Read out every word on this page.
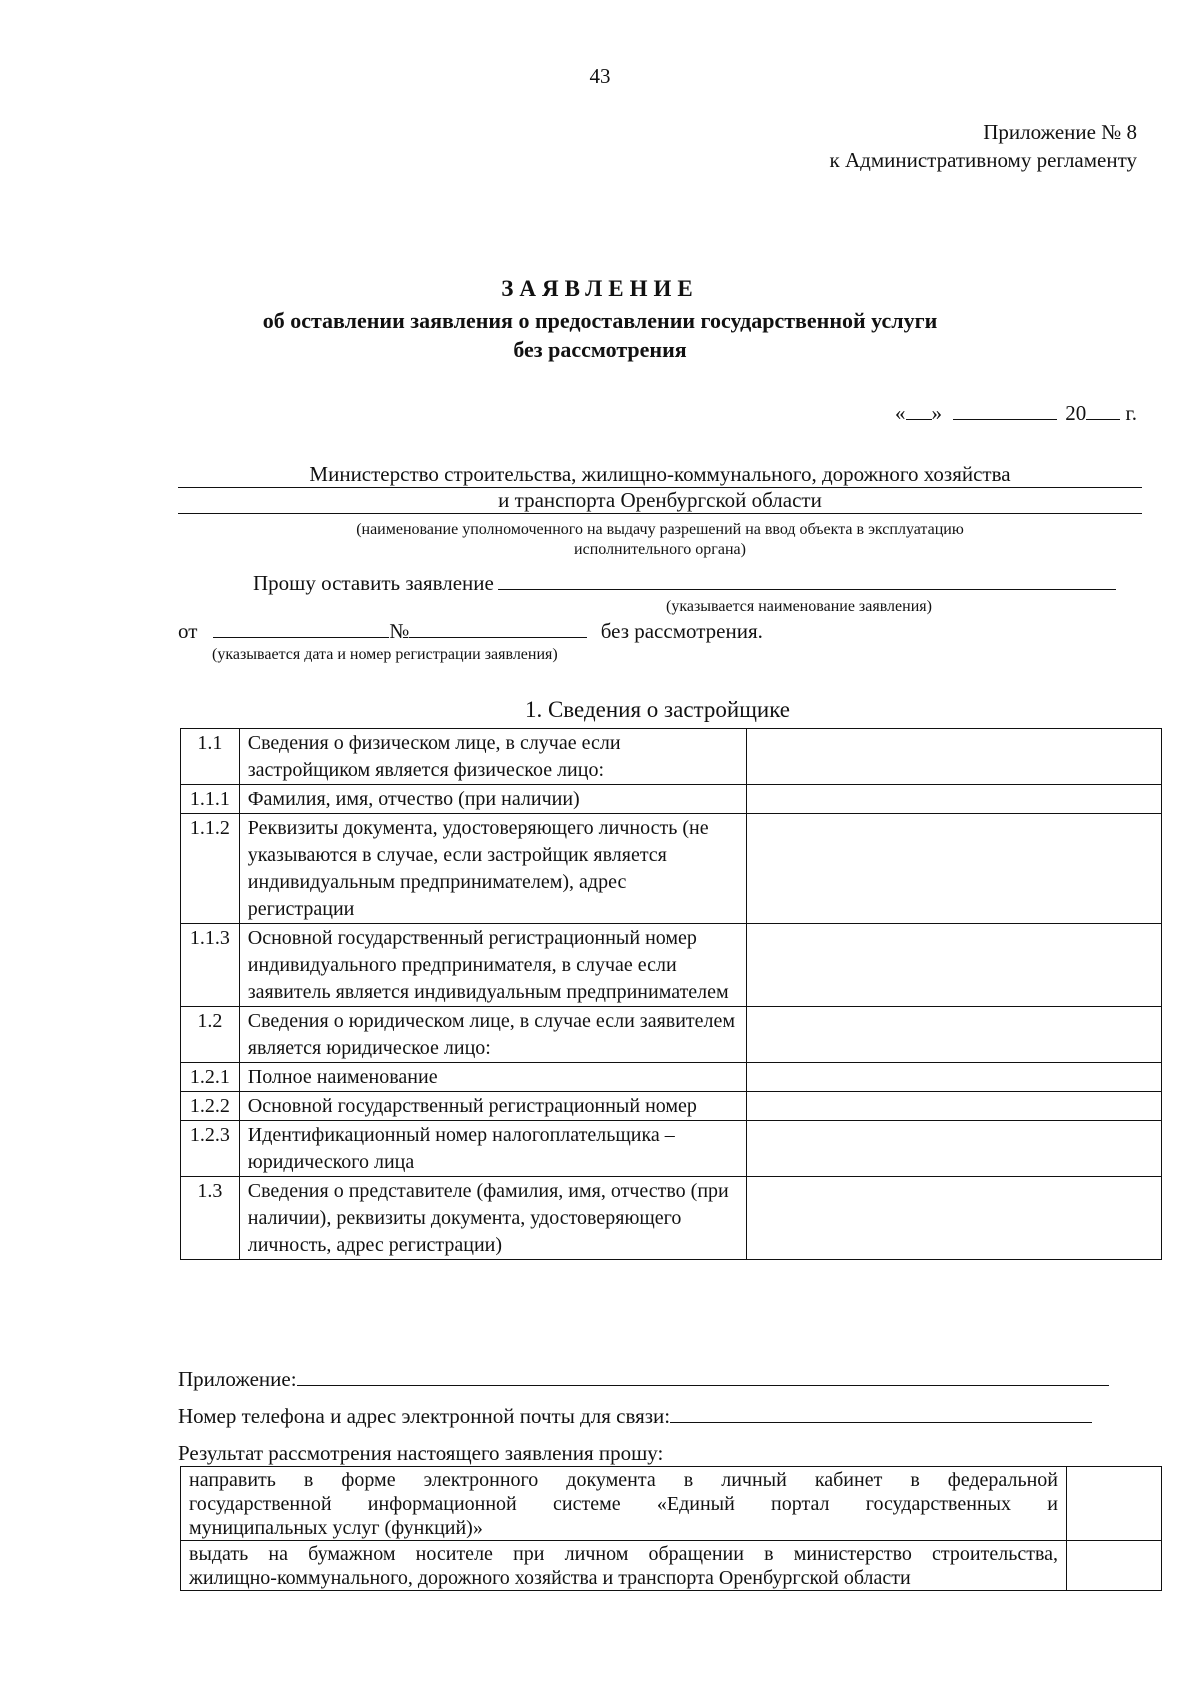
43
Приложение № 8
к Административному регламенту
ЗАЯВЛЕНИЕ
об оставлении заявления о предоставлении государственной услуги
без рассмотрения
« »	20 г.
Министерство строительства, жилищно-коммунального, дорожного хозяйства
и транспорта Оренбургской области
(наименование уполномоченного на выдачу разрешений на ввод объекта в эксплуатацию
исполнительного органа)
Прошу оставить заявление
(указывается наименование заявления)
от	№	без рассмотрения.
(указывается дата и номер регистрации заявления)
1. Сведения о застройщике
1.1	Сведения о физическом лице, в случае если застройщиком является физическое лицо:	
1.1.1	Фамилия, имя, отчество (при наличии)	
1.1.2	Реквизиты документа, удостоверяющего личность (не указываются в случае, если застройщик является индивидуальным предпринимателем), адрес регистрации	
1.1.3	Основной государственный регистрационный номер индивидуального предпринимателя, в случае если заявитель является индивидуальным предпринимателем	
1.2	Сведения о юридическом лице, в случае если заявителем является юридическое лицо:	
1.2.1	Полное наименование	
1.2.2	Основной государственный регистрационный номер	
1.2.3	Идентификационный номер налогоплательщика – юридического лица	
1.3	Сведения о представителе (фамилия, имя, отчество (при наличии), реквизиты документа, удостоверяющего личность, адрес регистрации)	
Приложение:
Номер телефона и адрес электронной почты для связи:
Результат рассмотрения настоящего заявления прошу:
направить в форме электронного документа в личный кабинет в федеральной
государственной информационной системе «Единый портал государственных и
муниципальных услуг (функций)»	

выдать на бумажном носителе при личном обращении в министерство строительства,
жилищно-коммунального, дорожного хозяйства и транспорта Оренбургской области	
